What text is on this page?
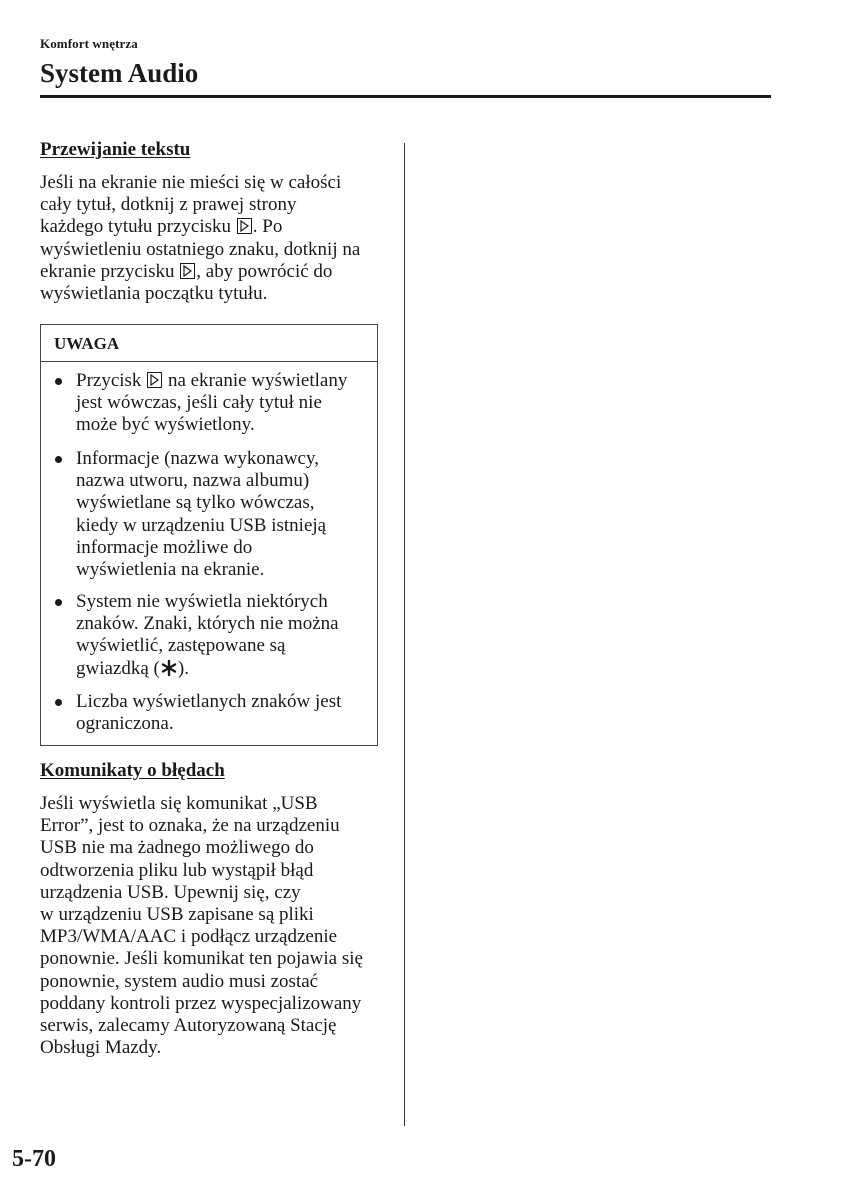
Komfort wnętrza
System Audio
Przewijanie tekstu
Jeśli na ekranie nie mieści się w całości
cały tytuł, dotknij z prawej strony
każdego tytułu przycisku . Po
wyświetleniu ostatniego znaku, dotknij na
ekranie przycisku , aby powrócić do
wyświetlania początku tytułu.
UWAGA
Przycisk na ekranie wyświetlany
jest wówczas, jeśli cały tytuł nie
może być wyświetlony.
Informacje (nazwa wykonawcy,
nazwa utworu, nazwa albumu)
wyświetlane są tylko wówczas,
kiedy w urządzeniu USB istnieją
informacje możliwe do
wyświetlenia na ekranie.
System nie wyświetla niektórych
znaków. Znaki, których nie można
wyświetlić, zastępowane są
gwiazdką ( ).
Liczba wyświetlanych znaków jest
ograniczona.
Komunikaty o błędach
Jeśli wyświetla się komunikat „USB
Error”, jest to oznaka, że na urządzeniu
USB nie ma żadnego możliwego do
odtworzenia pliku lub wystąpił błąd
urządzenia USB. Upewnij się, czy
w urządzeniu USB zapisane są pliki
MP3/WMA/AAC i podłącz urządzenie
ponownie. Jeśli komunikat ten pojawia się
ponownie, system audio musi zostać
poddany kontroli przez wyspecjalizowany
serwis, zalecamy Autoryzowaną Stację
Obsługi Mazdy.
5-70
